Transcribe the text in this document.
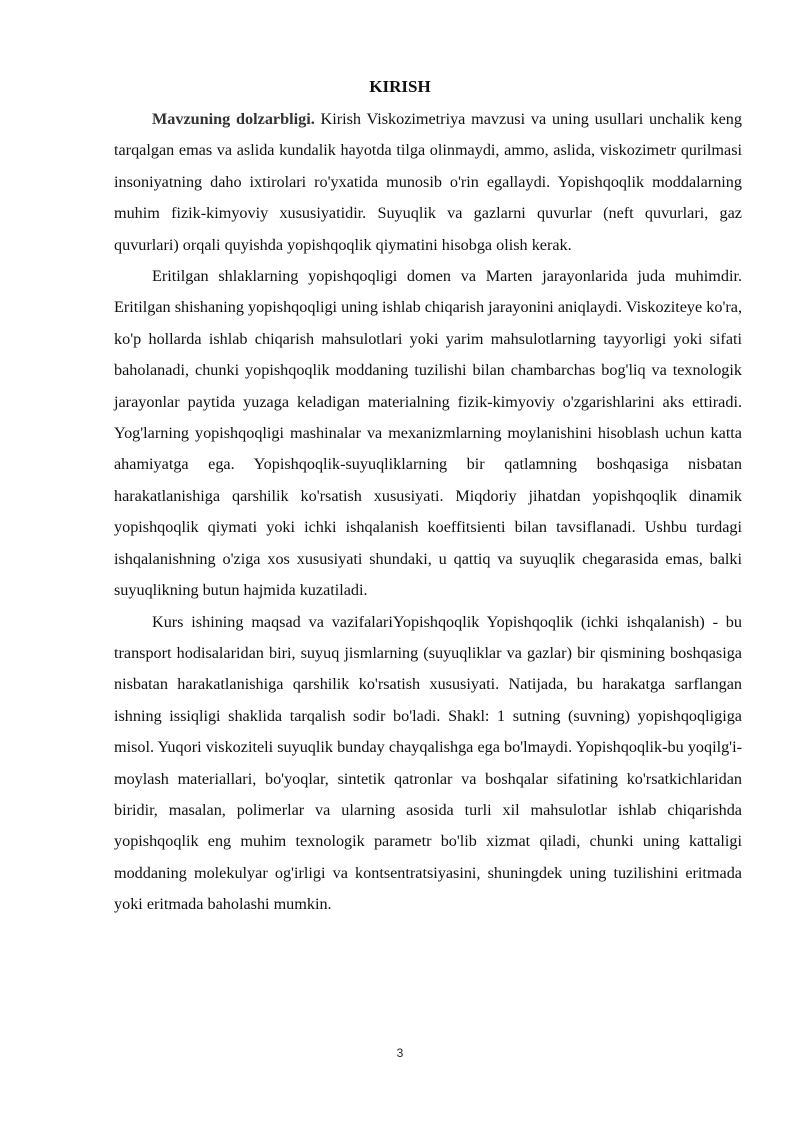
KIRISH

Mavzuning dolzarbligi. Kirish Viskozimetriya mavzusi va uning usullari unchalik keng tarqalgan emas va aslida kundalik hayotda tilga olinmaydi, ammo, aslida, viskozimetr qurilmasi insoniyatning daho ixtirolari ro'yxatida munosib o'rin egallaydi. Yopishqoqlik moddalarning muhim fizik-kimyoviy xususiyatidir. Suyuqlik va gazlarni quvurlar (neft quvurlari, gaz quvurlari) orqali quyishda yopishqoqlik qiymatini hisobga olish kerak.

Eritilgan shlaklarning yopishqoqligi domen va Marten jarayonlarida juda muhimdir. Eritilgan shishaning yopishqoqligi uning ishlab chiqarish jarayonini aniqlaydi. Viskoziteye ko'ra, ko'p hollarda ishlab chiqarish mahsulotlari yoki yarim mahsulotlarning tayyorligi yoki sifati baholanadi, chunki yopishqoqlik moddaning tuzilishi bilan chambarchas bog'liq va texnologik jarayonlar paytida yuzaga keladigan materialning fizik-kimyoviy o'zgarishlarini aks ettiradi. Yog'larning yopishqoqligi mashinalar va mexanizmlarning moylanishini hisoblash uchun katta ahamiyatga ega. Yopishqoqlik-suyuqliklarning bir qatlamning boshqasiga nisbatan harakatlanishiga qarshilik ko'rsatish xususiyati. Miqdoriy jihatdan yopishqoqlik dinamik yopishqoqlik qiymati yoki ichki ishqalanish koeffitsienti bilan tavsiflanadi. Ushbu turdagi ishqalanishning o'ziga xos xususiyati shundaki, u qattiq va suyuqlik chegarasida emas, balki suyuqlikning butun hajmida kuzatiladi.

Kurs ishining maqsad va vazifalariYopishqoqlik Yopishqoqlik (ichki ishqalanish) - bu transport hodisalaridan biri, suyuq jismlarning (suyuqliklar va gazlar) bir qismining boshqasiga nisbatan harakatlanishiga qarshilik ko'rsatish xususiyati. Natijada, bu harakatga sarflangan ishning issiqligi shaklida tarqalish sodir bo'ladi. Shakl: 1 sutning (suvning) yopishqoqligiga misol. Yuqori viskoziteli suyuqlik bunday chayqalishga ega bo'lmaydi. Yopishqoqlik-bu yoqilg'i-moylash materiallari, bo'yoqlar, sintetik qatronlar va boshqalar sifatining ko'rsatkichlaridan biridir, masalan, polimerlar va ularning asosida turli xil mahsulotlar ishlab chiqarishda yopishqoqlik eng muhim texnologik parametr bo'lib xizmat qiladi, chunki uning kattaligi moddaning molekulyar og'irligi va kontsentratsiyasini, shuningdek uning tuzilishini eritmada yoki eritmada baholashi mumkin.

3
